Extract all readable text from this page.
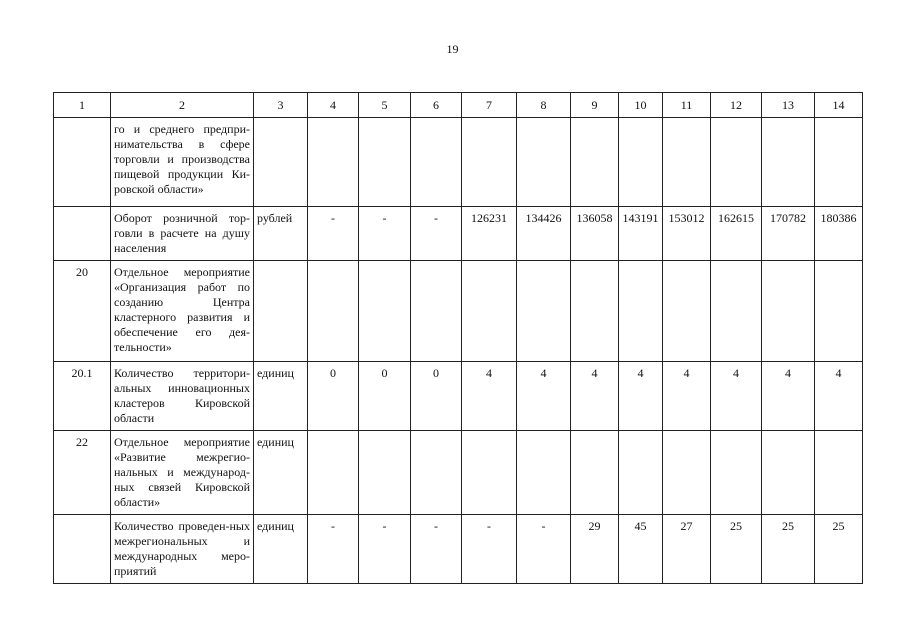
19
1	2	3	4	5	6	7	8	9	10	11	12	13	14
	го и среднего предпри-нимательства в сфере торговли и производства пищевой продукции Ки-ровской области»												
	Оборот розничной тор-говли в расчете на душу населения	рублей	-	-	-	126231	134426	136058	143191	153012	162615	170782	180386
20	Отдельное мероприятие «Организация работ по созданию Центра кластерного развития и обеспечение его дея-тельности»												
20.1	Количество территори-альных инновационных кластеров Кировской области	единиц	0	0	0	4	4	4	4	4	4	4	4
22	Отдельное мероприятие «Развитие межрегио-нальных и международ-ных связей Кировской области»	единиц											
	Количество проведен-ных межрегиональных и международных меро-приятий	единиц	-	-	-	-	-	29	45	27	25	25	25
